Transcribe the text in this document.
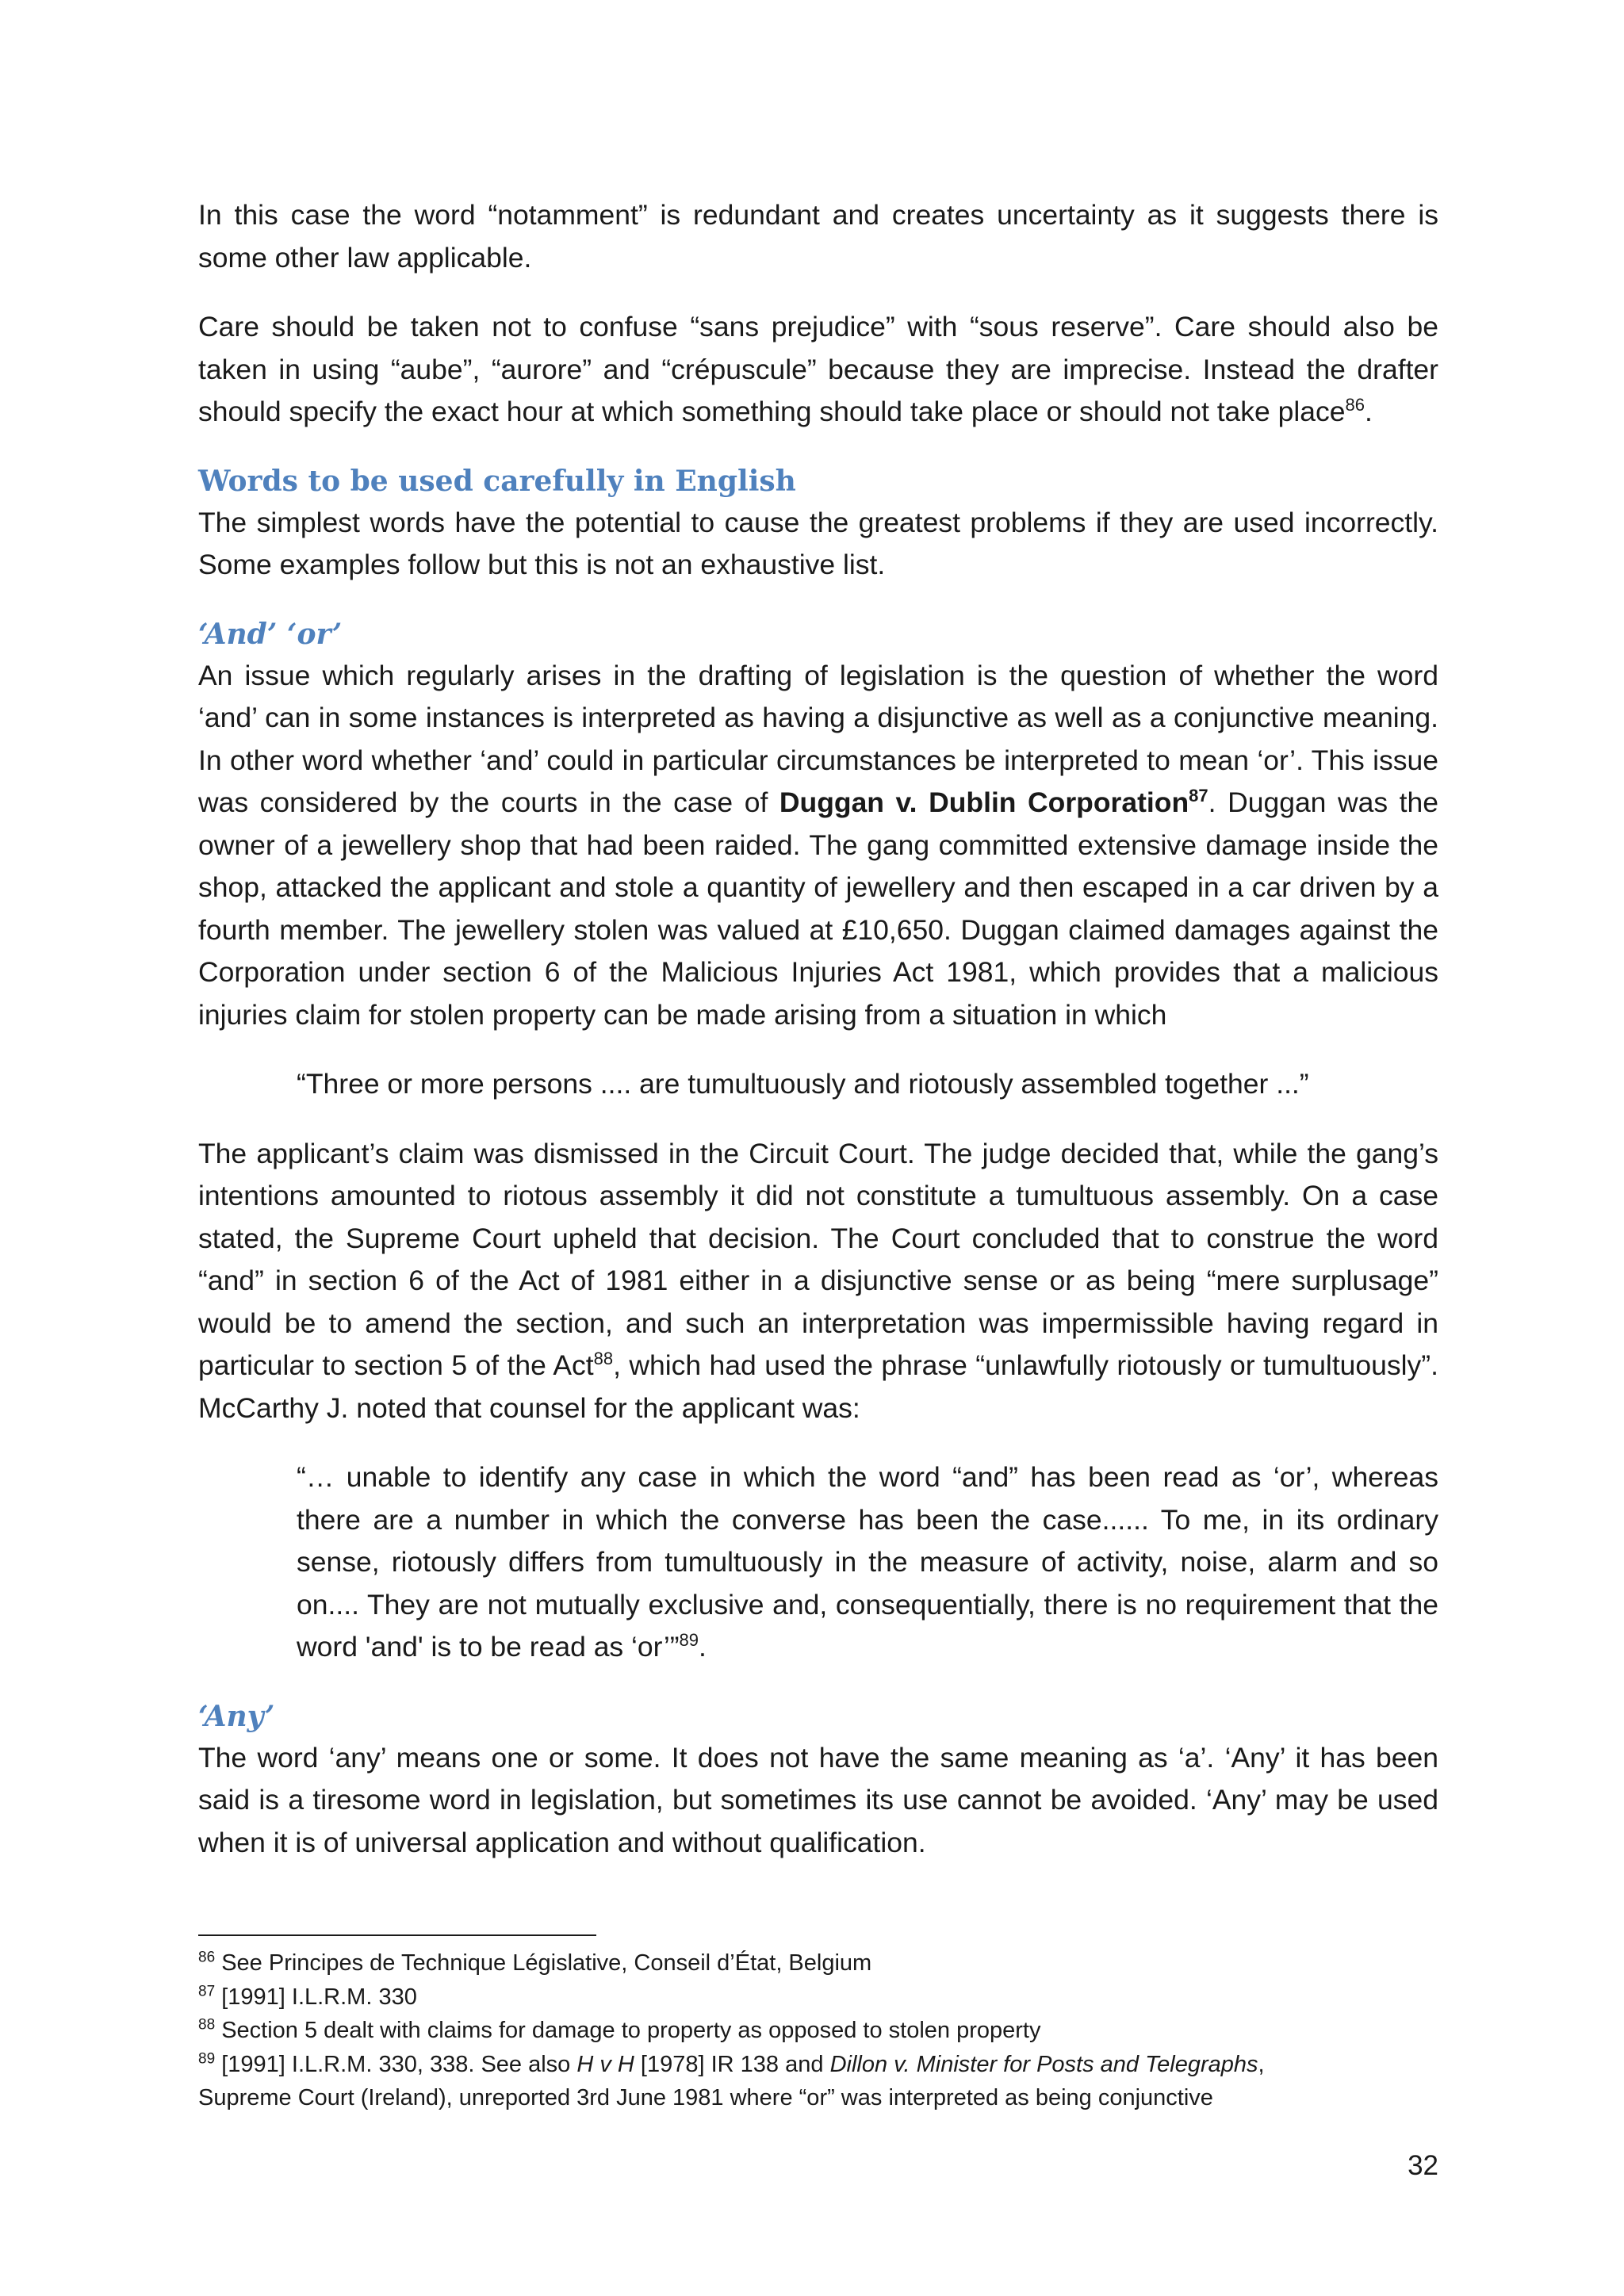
In this case the word “notamment” is redundant and creates uncertainty as it suggests there is some other law applicable.

Care should be taken not to confuse “sans prejudice” with “sous reserve”. Care should also be taken in using “aube”, “aurore” and “crépuscule” because they are imprecise. Instead the drafter should specify the exact hour at which something should take place or should not take place$^{86}$.

Words to be used carefully in English

The simplest words have the potential to cause the greatest problems if they are used incorrectly. Some examples follow but this is not an exhaustive list.

‘And’ ‘or’

An issue which regularly arises in the drafting of legislation is the question of whether the word ‘and’ can in some instances is interpreted as having a disjunctive as well as a conjunctive meaning. In other word whether ‘and’ could in particular circumstances be interpreted to mean ‘or’. This issue was considered by the courts in the case of Duggan v. Dublin Corporation$^{87}$. Duggan was the owner of a jewellery shop that had been raided. The gang committed extensive damage inside the shop, attacked the applicant and stole a quantity of jewellery and then escaped in a car driven by a fourth member. The jewellery stolen was valued at £10,650. Duggan claimed damages against the Corporation under section 6 of the Malicious Injuries Act 1981, which provides that a malicious injuries claim for stolen property can be made arising from a situation in which

“Three or more persons .... are tumultuously and riotously assembled together ...”

The applicant’s claim was dismissed in the Circuit Court. The judge decided that, while the gang’s intentions amounted to riotous assembly it did not constitute a tumultuous assembly. On a case stated, the Supreme Court upheld that decision. The Court concluded that to construe the word “and” in section 6 of the Act of 1981 either in a disjunctive sense or as being “mere surplusage” would be to amend the section, and such an interpretation was impermissible having regard in particular to section 5 of the Act$^{88}$, which had used the phrase “unlawfully riotously or tumultuously”. McCarthy J. noted that counsel for the applicant was:

“… unable to identify any case in which the word “and” has been read as ‘or’, whereas there are a number in which the converse has been the case...... To me, in its ordinary sense, riotously differs from tumultuously in the measure of activity, noise, alarm and so on.... They are not mutually exclusive and, consequentially, there is no requirement that the word 'and' is to be read as ‘or’”$^{89}$.

‘Any’

The word ‘any’ means one or some. It does not have the same meaning as ‘a’. ‘Any’ it has been said is a tiresome word in legislation, but sometimes its use cannot be avoided. ‘Any’ may be used when it is of universal application and without qualification.

$^{86}$ See Principes de Technique Législative, Conseil d’État, Belgium

$^{87}$ [1991] I.L.R.M. 330

$^{88}$ Section 5 dealt with claims for damage to property as opposed to stolen property

$^{89}$ [1991] I.L.R.M. 330, 338. See also H v H [1978] IR 138 and Dillon v. Minister for Posts and Telegraphs,

Supreme Court (Ireland), unreported 3rd June 1981 where “or” was interpreted as being conjunctive

32
